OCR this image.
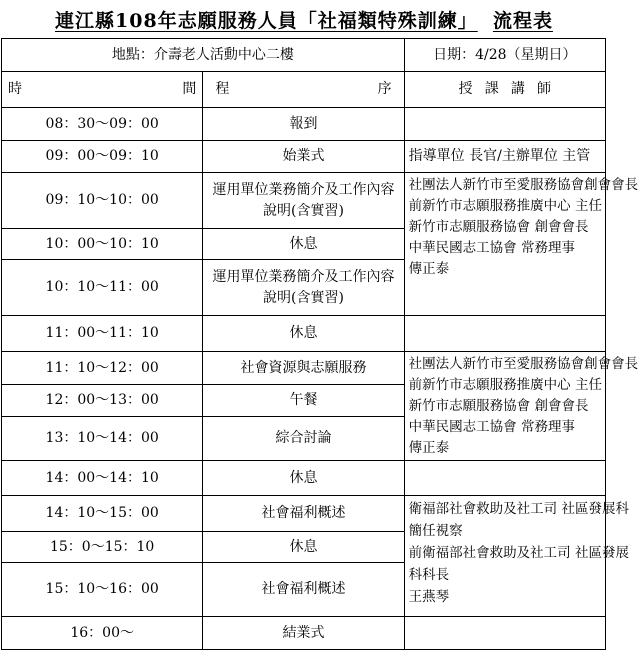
連江縣108年志願服務人員「社福類特殊訓練」
流程表
地點：介壽老人活動中心二樓		日期：4/28（星期日）

時 間	程 序	授 課 講 師

08：30～09：00	報到	
09：00～09：10	始業式	指導單位 長官/主辦單位 主管
09：10～10：00	運用單位業務簡介及工作內容說明(含實習)	社團法人新竹市至愛服務協會創會會長
前新竹市志願服務推廣中心 主任
新竹市志願服務協會 創會會長
中華民國志工協會 常務理事
傳正泰

10：00～10：10	休息	
10：10～11：00	運用單位業務簡介及工作內容說明(含實習)	
11：00～11：10	休息	
11：10～12：00	社會資源與志願服務	社團法人新竹市至愛服務協會創會會長
前新竹市志願服務推廣中心 主任
新竹市志願服務協會 創會會長
中華民國志工協會 常務理事
傳正泰

12：00～13：00	午餐	
13：10～14：00	綜合討論	
14：00～14：10	休息	
14：10～15：00	社會福利概述	衛福部社會救助及社工司 社區發展科
簡任視察
前衛福部社會救助及社工司 社區發展
科科長
王燕琴

15：0～15：10	休息	
15：10～16：00	社會福利概述	
16：00～	結業式	
